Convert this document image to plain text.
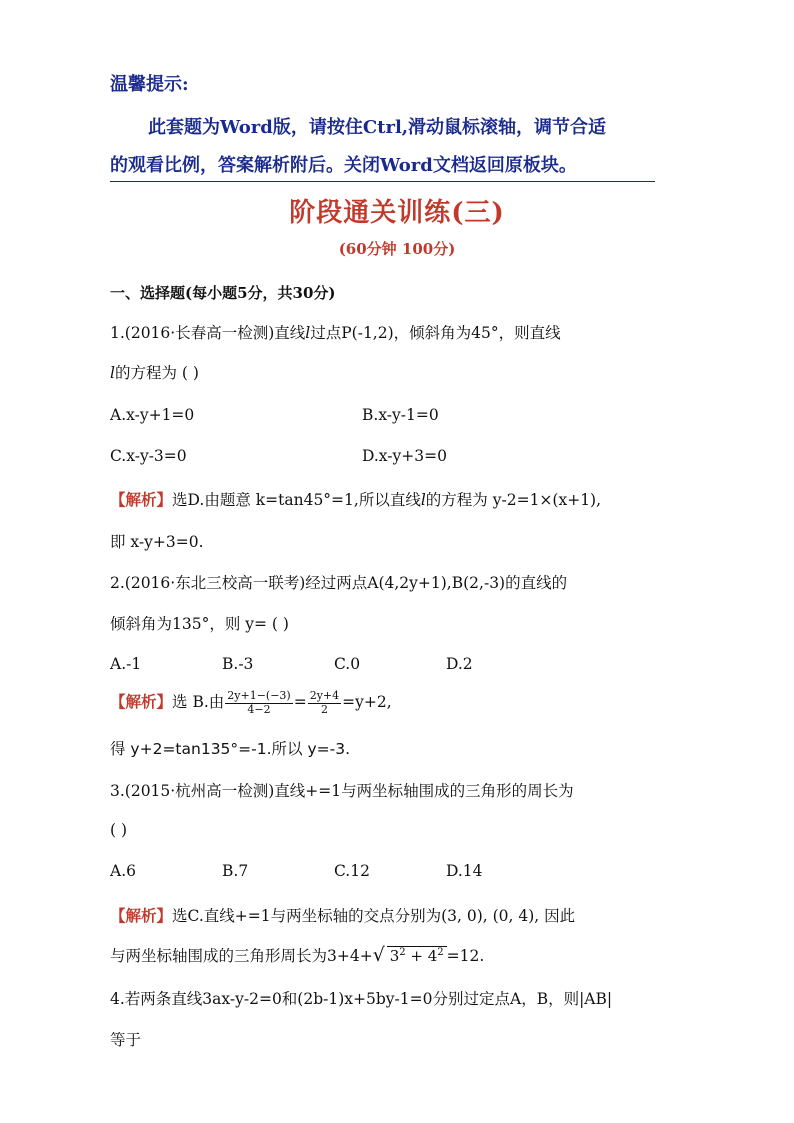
温馨提示:
此套题为Word版，请按住Ctrl,滑动鼠标滚轴，调节合适
的观看比例，答案解析附后。关闭Word文档返回原板块。
阶段通关训练(三)
(60分钟 100分)
一、选择题(每小题5分，共30分)
1.(2016·长春高一检测)直线l过点P(-1,2)，倾斜角为45°，则直线
l的方程为 ( )
A.x-y+1=0	B.x-y-1=0
C.x-y-3=0	D.x-y+3=0
【解析】选D.由题意 k=tan45°=1,所以直线l的方程为 y-2=1×(x+1),
即 x-y+3=0.
2.(2016·东北三校高一联考)经过两点A(4,2y+1),B(2,-3)的直线的
倾斜角为135°，则 y= ( )
A.-1	B.-3	C.0	D.2
【解析】选 B.由 $\frac{2y+1-(-3)}{4-2} = \frac{2y+4}{2} =y+2$,
得 y+2=tan135°=-1.所以 y=-3.
3.(2015·杭州高一检测)直线+=1与两坐标轴围成的三角形的周长为
( )
A.6	B.7	C.12	D.14
【解析】选C.直线+=1与两坐标轴的交点分别为(3, 0), (0, 4), 因此
与两坐标轴围成的三角形周长为3+4+ √ $3^2 + 4^2 =12$.
4.若两条直线3ax-y-2=0和(2b-1)x+5by-1=0分别过定点A，B，则|AB|
等于
